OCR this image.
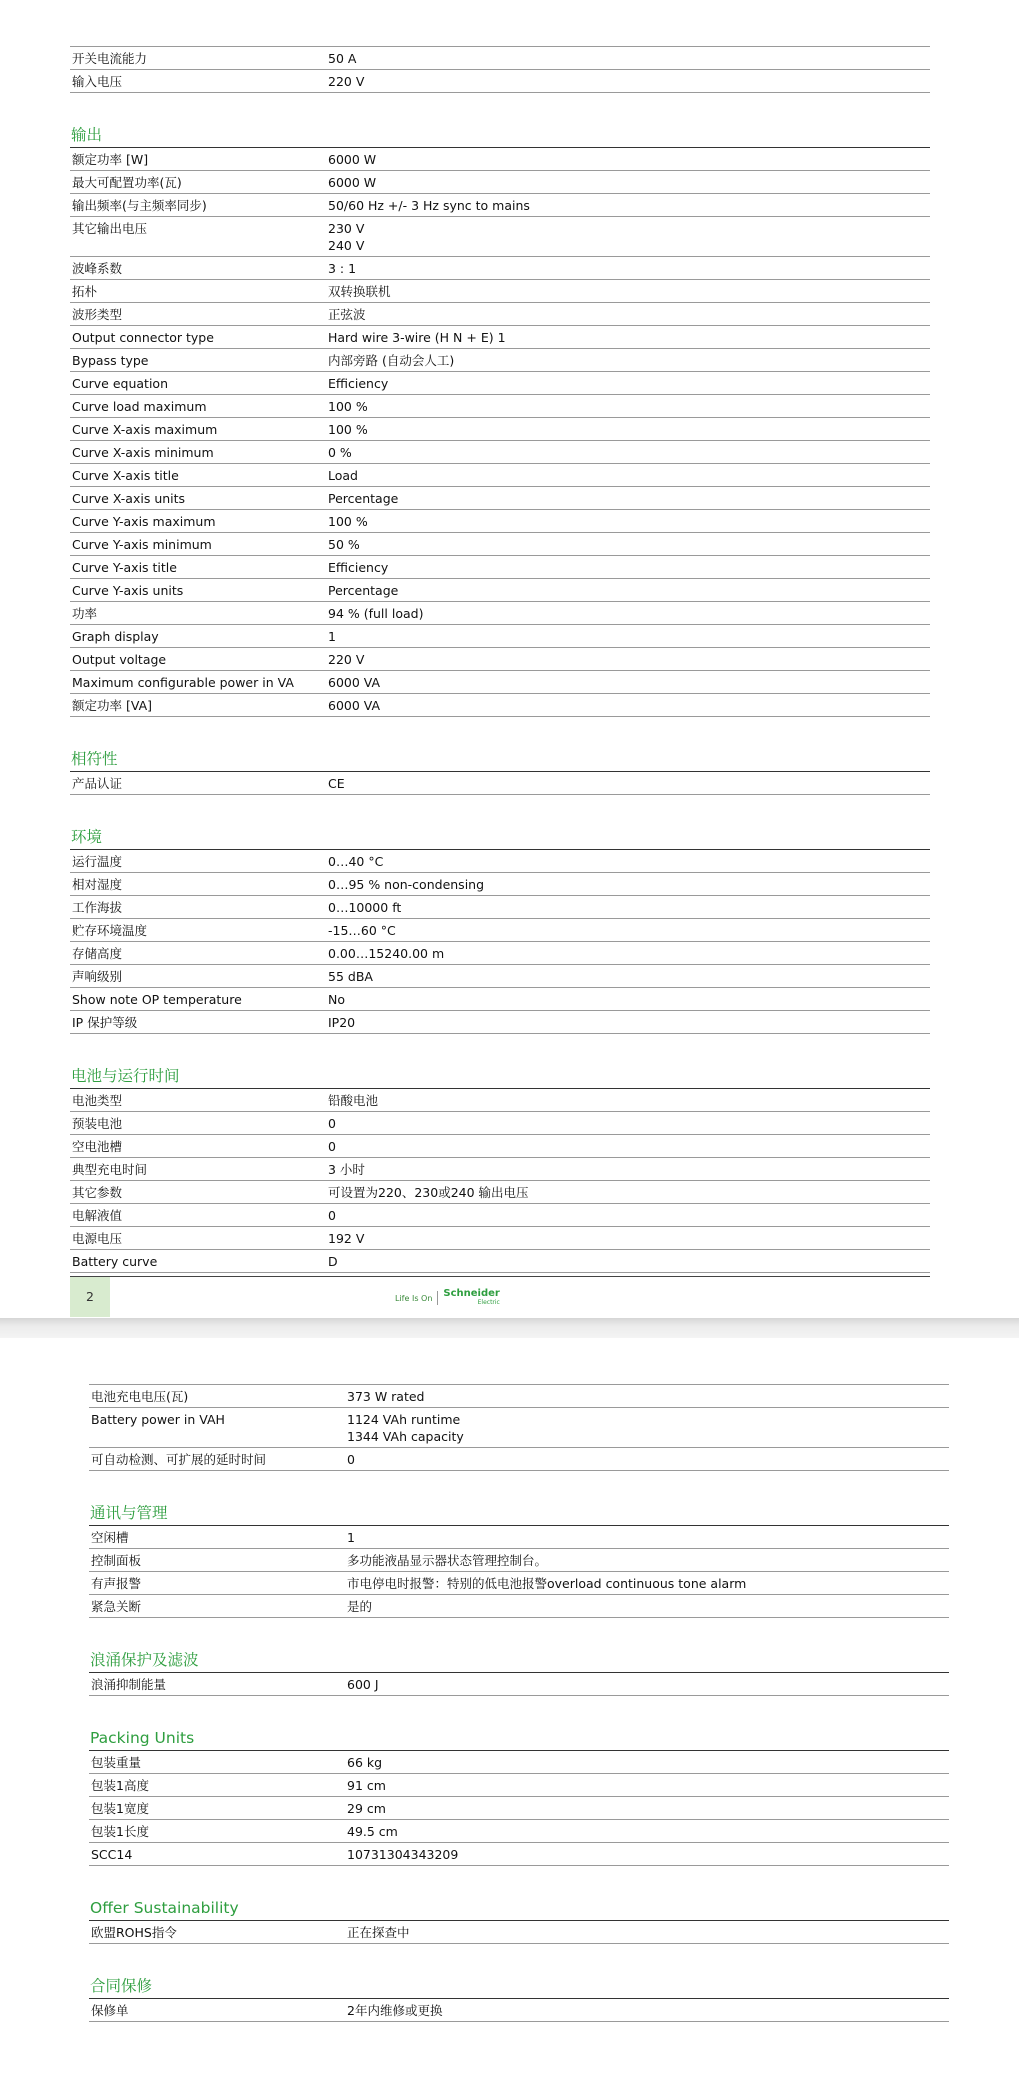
开关电流能力	50 A
输入电压	220 V
输出
额定功率 [W]	6000 W
最大可配置功率(瓦)	6000 W
输出频率(与主频率同步)	50/60 Hz +/- 3 Hz sync to mains
其它输出电压	230 V
240 V
波峰系数	3 : 1
拓朴	双转换联机
波形类型	正弦波
Output connector type	Hard wire 3-wire (H N + E) 1
Bypass type	内部旁路 (自动会人工)
Curve equation	Efficiency
Curve load maximum	100 %
Curve X-axis maximum	100 %
Curve X-axis minimum	0 %
Curve X-axis title	Load
Curve X-axis units	Percentage
Curve Y-axis maximum	100 %
Curve Y-axis minimum	50 %
Curve Y-axis title	Efficiency
Curve Y-axis units	Percentage
功率	94 % (full load)
Graph display	1
Output voltage	220 V
Maximum configurable power in VA	6000 VA
额定功率 [VA]	6000 VA
相符性
产品认证	CE
环境
运行温度	0…40 °C
相对湿度	0…95 % non-condensing
工作海拔	0…10000 ft
贮存环境温度	-15…60 °C
存储高度	0.00…15240.00 m
声响级别	55 dBA
Show note OP temperature	No
IP 保护等级	IP20
电池与运行时间
电池类型	铅酸电池
预装电池	0
空电池槽	0
典型充电时间	3 小时
其它参数	可设置为220、230或240 输出电压
电解液值	0
电源电压	192 V
Battery curve	D
2	Life Is On Schneider
Electric
电池充电电压(瓦)	373 W rated
Battery power in VAH	1124 VAh runtime
1344 VAh capacity
可自动检测、可扩展的延时时间	0
通讯与管理
空闲槽	1
控制面板	多功能液晶显示器状态管理控制台。
有声报警	市电停电时报警：特别的低电池报警overload continuous tone alarm
紧急关断	是的
浪涌保护及滤波
浪涌抑制能量	600 J
Packing Units
包装重量	66 kg
包装1高度	91 cm
包装1宽度	29 cm
包装1长度	49.5 cm
SCC14	10731304343209
Offer Sustainability
欧盟ROHS指令	正在探查中
合同保修
保修单	2年内维修或更换
